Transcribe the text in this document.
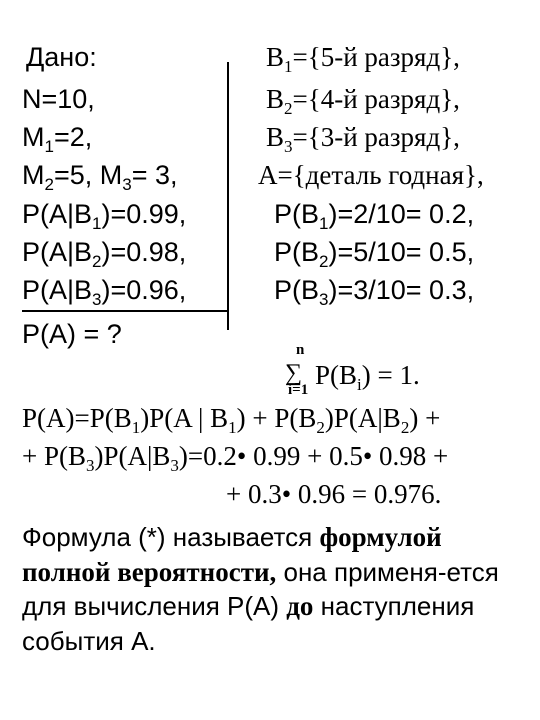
Дано:
N=10,
$M_1=2$,
$M_2=5$, $M_3= 3$,
$P(A|B_1)=0.99$,
$P(A|B_2)=0.98$,
$P(A|B_3)=0.96$,
P(A) = ?
$B_1=\{5-й$ разряд},
$B_2=\{4-й$ разряд},
$B_3=\{3-й$ разряд},
A={деталь годная},
$P(B_1)=2/10= 0.2$,
$P(B_2)=5/10= 0.5$,
$P(B_3)=3/10= 0.3$,
n
∑
i=1 $P(B_i) = 1$.
$P(A)=P(B_1)P(A$ | $B_1) + P(B_2)P(A|B_2)$ +
+ $P(B_3)P(A|B_3)=0.2•$ 0.99 + 0.5• 0.98 +
+ 0.3• 0.96 = 0.976.
Формула (*) называется формулой полной вероятности, она применя-ется для вычисления P(A) до наступления события A.
